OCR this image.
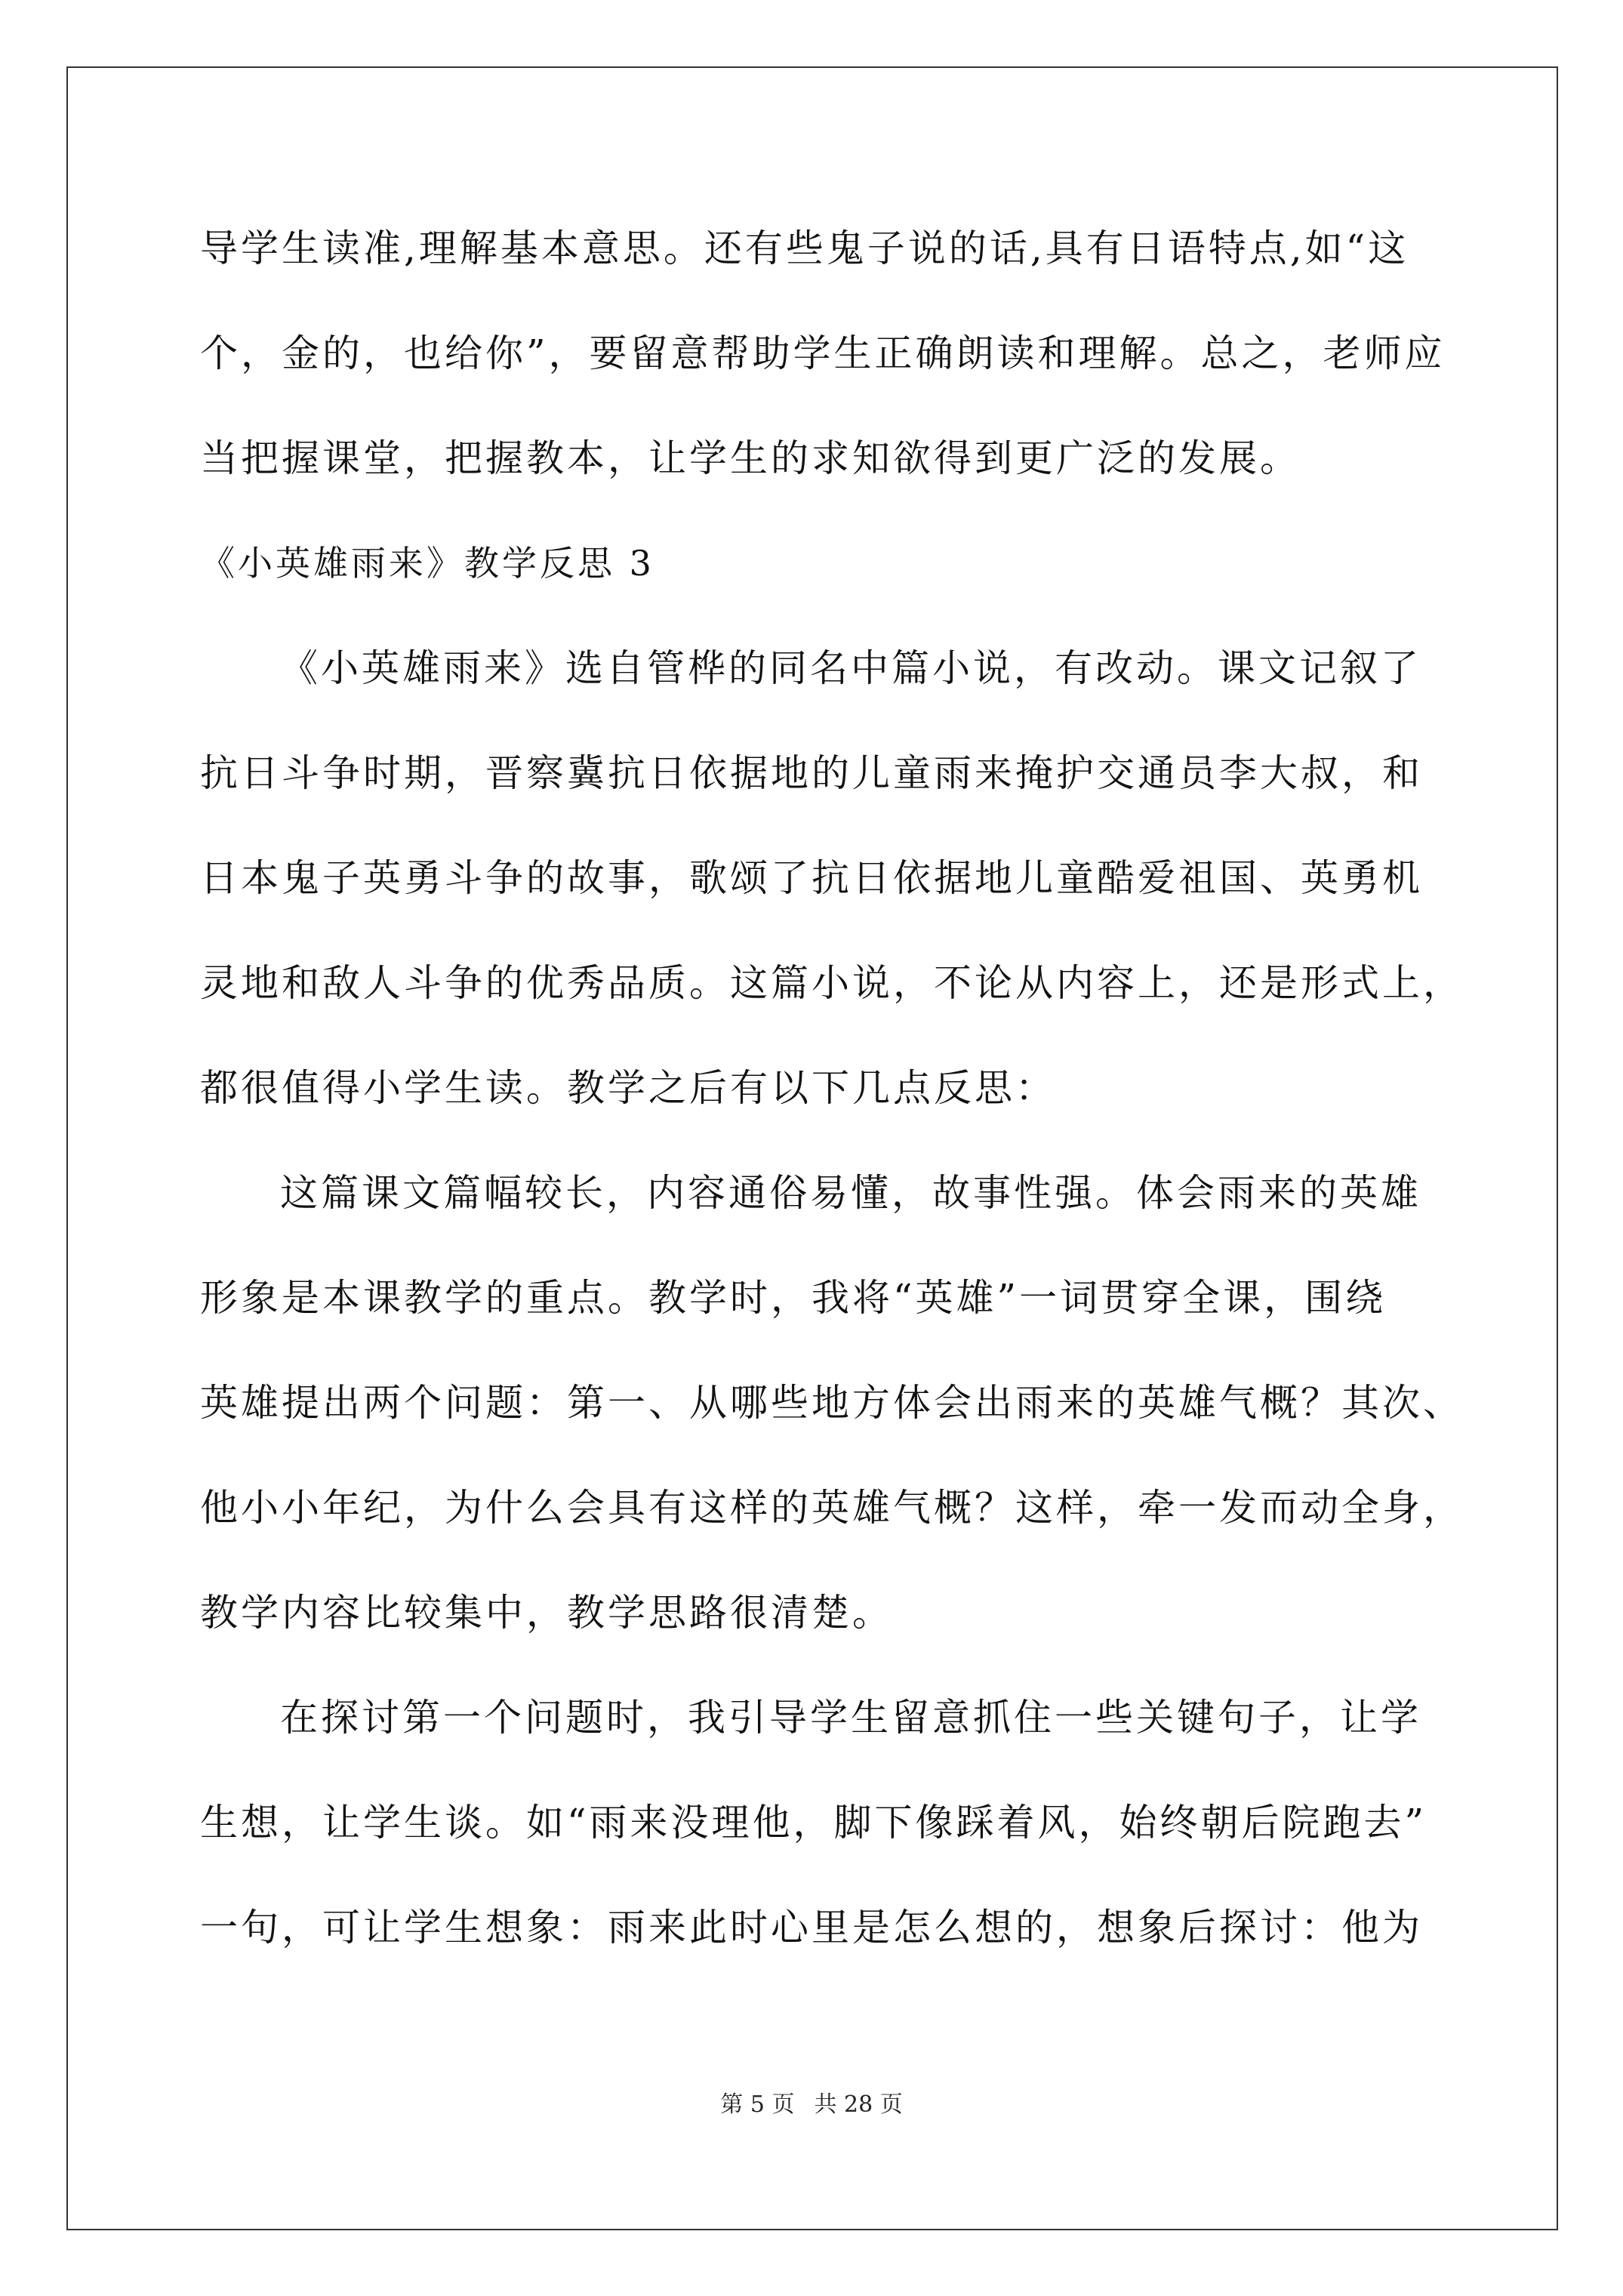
导学生读准,理解基本意思。还有些鬼子说的话,具有日语特点,如“这
个，金的，也给你”，要留意帮助学生正确朗读和理解。总之，老师应
当把握课堂，把握教本，让学生的求知欲得到更广泛的发展。
《小英雄雨来》教学反思 3
《小英雄雨来》选自管桦的同名中篇小说，有改动。课文记叙了
抗日斗争时期，晋察冀抗日依据地的儿童雨来掩护交通员李大叔，和
日本鬼子英勇斗争的故事，歌颂了抗日依据地儿童酷爱祖国、英勇机
灵地和敌人斗争的优秀品质。这篇小说，不论从内容上，还是形式上，
都很值得小学生读。教学之后有以下几点反思：
这篇课文篇幅较长，内容通俗易懂，故事性强。体会雨来的英雄
形象是本课教学的重点。教学时，我将“英雄”一词贯穿全课，围绕
英雄提出两个问题：第一、从哪些地方体会出雨来的英雄气概？其次、
他小小年纪，为什么会具有这样的英雄气概？这样，牵一发而动全身，
教学内容比较集中，教学思路很清楚。
在探讨第一个问题时，我引导学生留意抓住一些关键句子，让学
生想，让学生谈。如“雨来没理他，脚下像踩着风，始终朝后院跑去”
一句，可让学生想象：雨来此时心里是怎么想的，想象后探讨：他为
第 5 页 共 28 页
